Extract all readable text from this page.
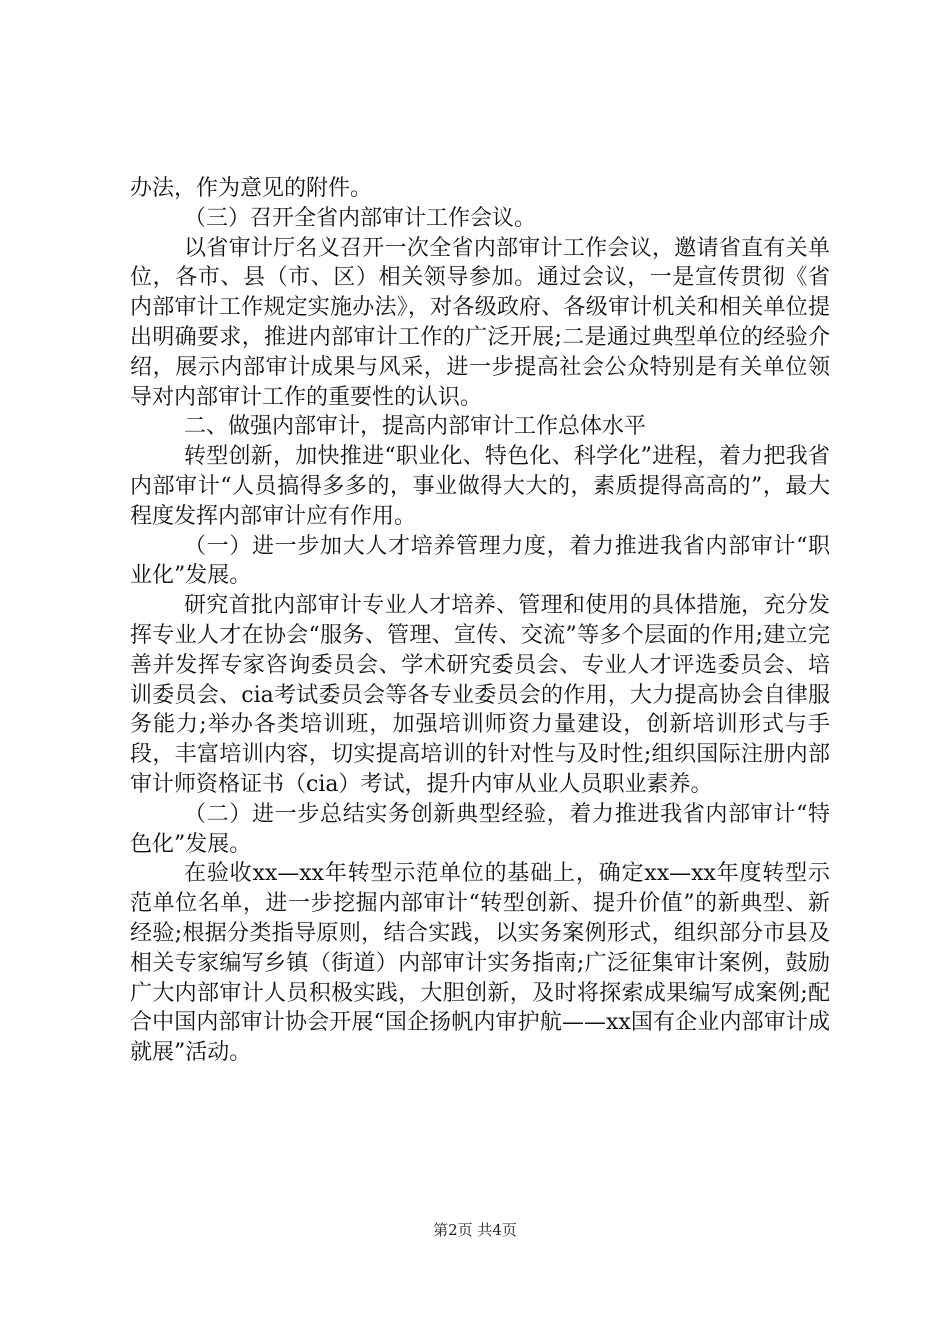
办法，作为意见的附件。

（三）召开全省内部审计工作会议。

以省审计厅名义召开一次全省内部审计工作会议，邀请省直有关单位，各市、县（市、区）相关领导参加。通过会议，一是宣传贯彻《省内部审计工作规定实施办法》，对各级政府、各级审计机关和相关单位提出明确要求，推进内部审计工作的广泛开展;二是通过典型单位的经验介绍，展示内部审计成果与风采，进一步提高社会公众特别是有关单位领导对内部审计工作的重要性的认识。

二、做强内部审计，提高内部审计工作总体水平

转型创新，加快推进“职业化、特色化、科学化”进程，着力把我省内部审计“人员搞得多多的，事业做得大大的，素质提得高高的”，最大程度发挥内部审计应有作用。

（一）进一步加大人才培养管理力度，着力推进我省内部审计“职业化”发展。

研究首批内部审计专业人才培养、管理和使用的具体措施，充分发挥专业人才在协会“服务、管理、宣传、交流”等多个层面的作用;建立完善并发挥专家咨询委员会、学术研究委员会、专业人才评选委员会、培训委员会、cia考试委员会等各专业委员会的作用，大力提高协会自律服务能力;举办各类培训班，加强培训师资力量建设，创新培训形式与手段，丰富培训内容，切实提高培训的针对性与及时性;组织国际注册内部审计师资格证书（cia）考试，提升内审从业人员职业素养。

（二）进一步总结实务创新典型经验，着力推进我省内部审计“特色化”发展。

在验收xx—xx年转型示范单位的基础上，确定xx—xx年度转型示范单位名单，进一步挖掘内部审计“转型创新、提升价值”的新典型、新经验;根据分类指导原则，结合实践，以实务案例形式，组织部分市县及相关专家编写乡镇（街道）内部审计实务指南;广泛征集审计案例，鼓励广大内部审计人员积极实践，大胆创新，及时将探索成果编写成案例;配合中国内部审计协会开展“国企扬帆内审护航——xx国有企业内部审计成就展”活动。

第2页 共4页
